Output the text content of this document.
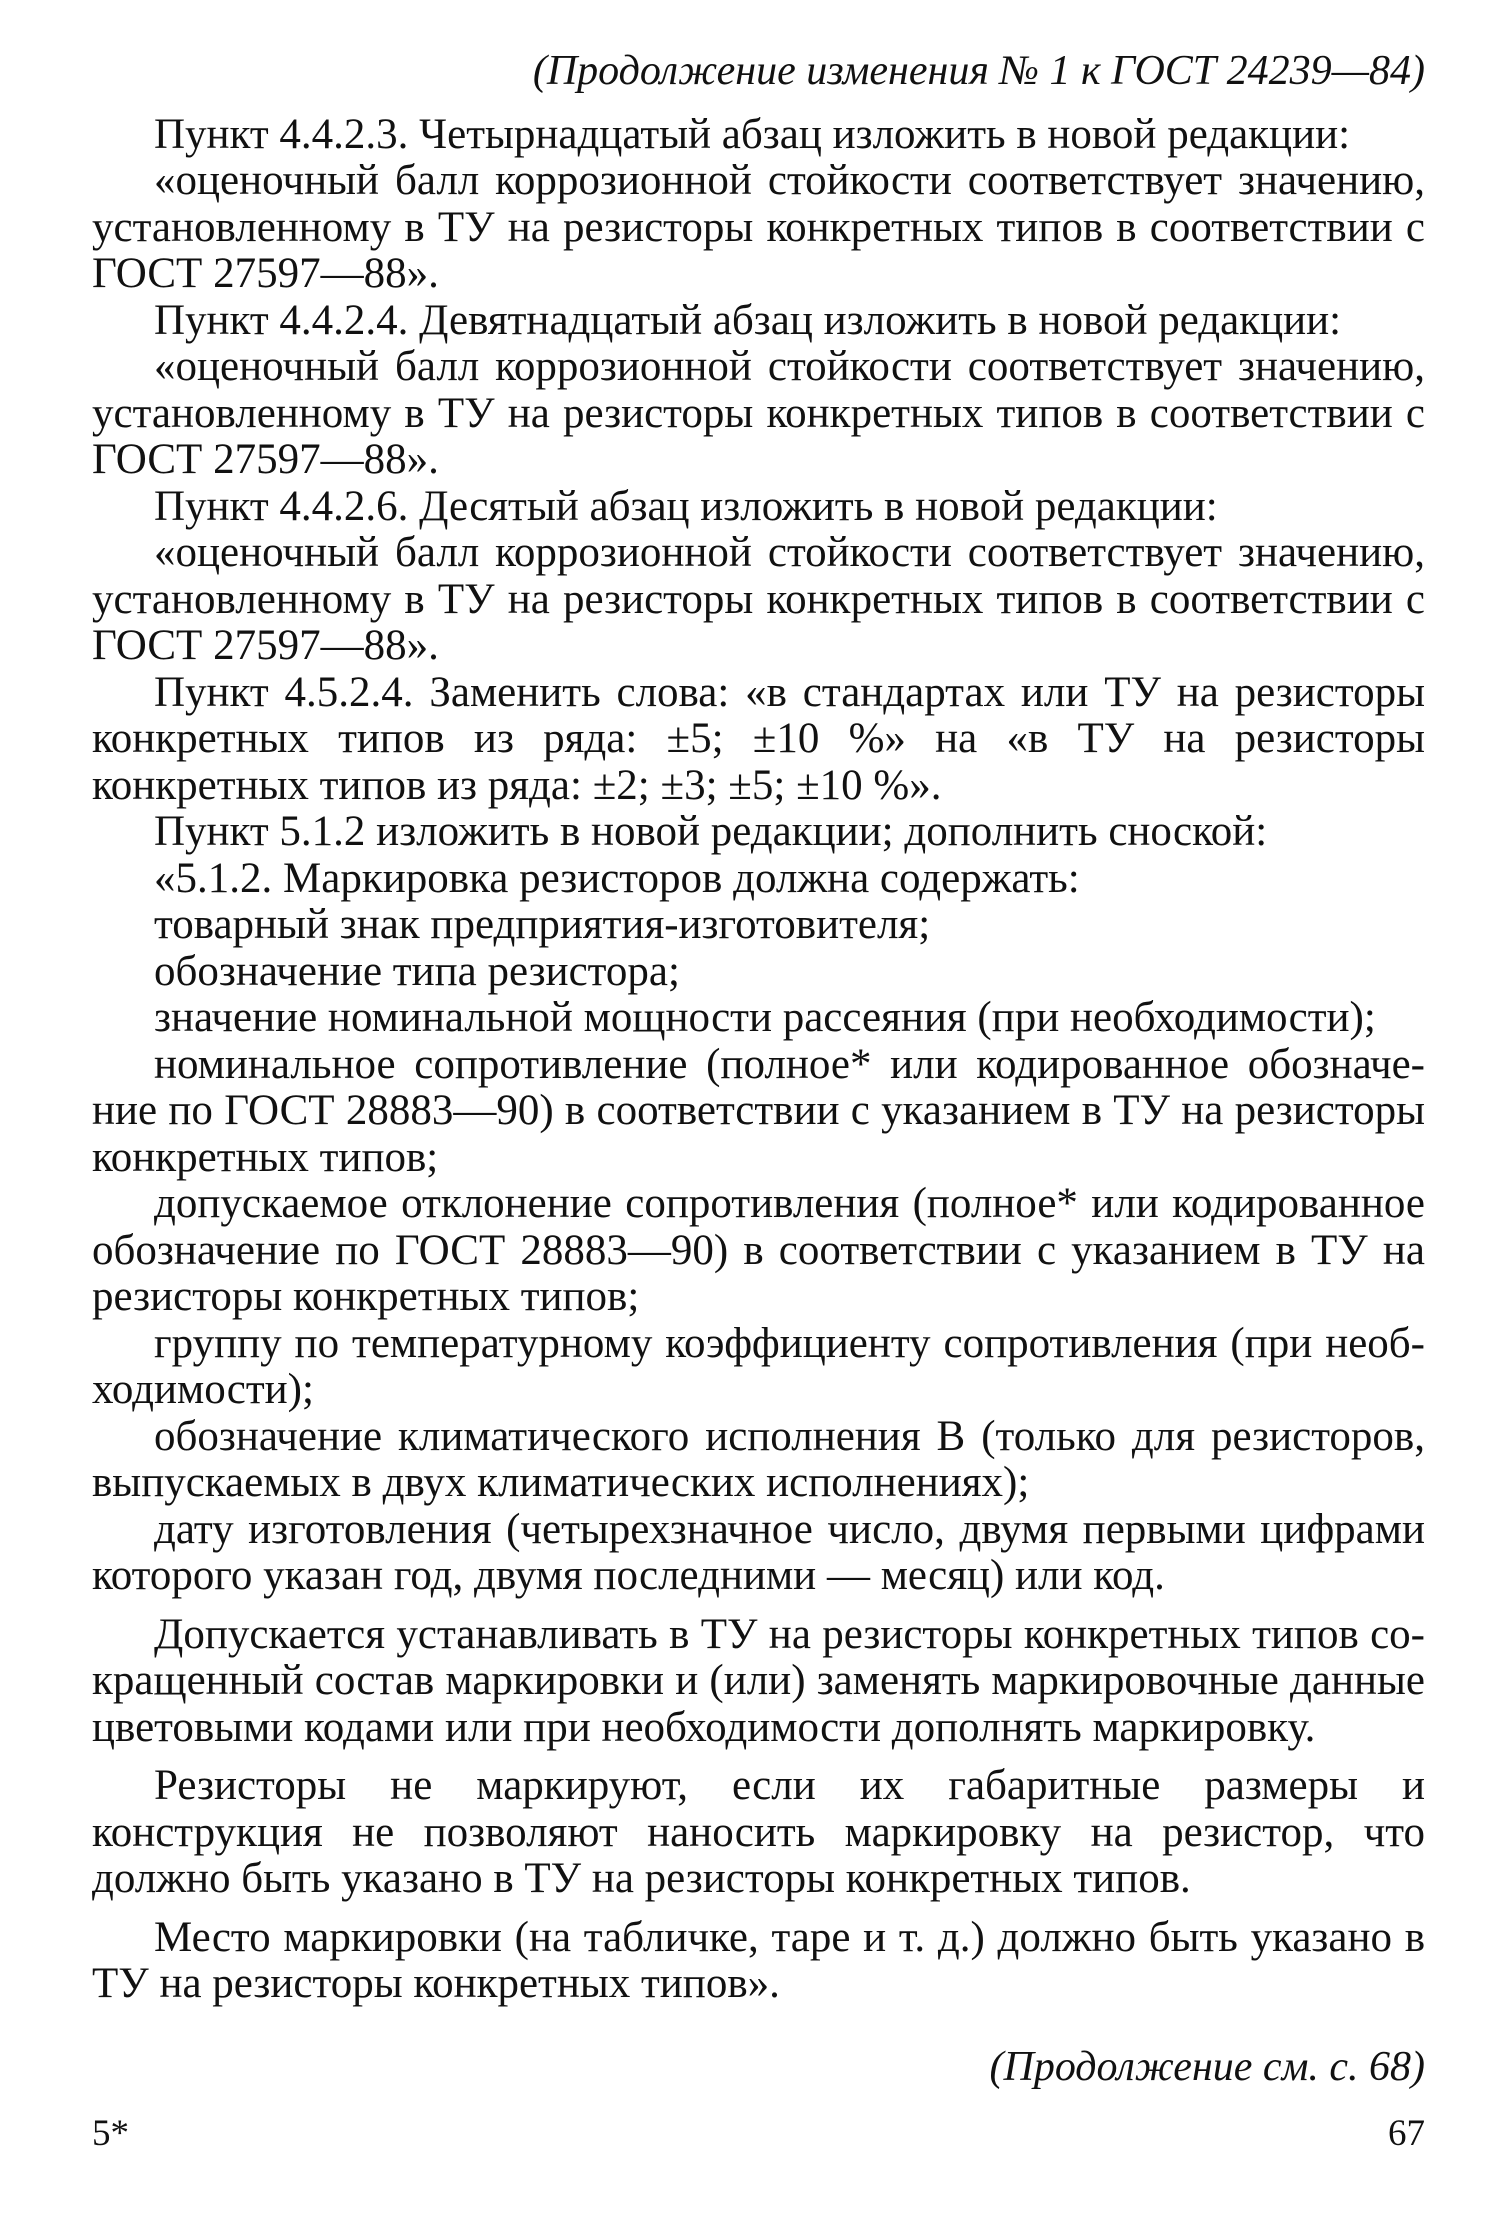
(Продолжение изменения № 1 к ГОСТ 24239—84)

Пункт 4.4.2.3. Четырнадцатый абзац изложить в новой редакции:

«оценочный балл коррозионной стойкости соответствует значению, установленному в ТУ на резисторы конкретных типов в соответствии с ГОСТ 27597—88».

Пункт 4.4.2.4. Девятнадцатый абзац изложить в новой редакции:

«оценочный балл коррозионной стойкости соответствует значению, установленному в ТУ на резисторы конкретных типов в соответствии с ГОСТ 27597—88».

Пункт 4.4.2.6. Десятый абзац изложить в новой редакции:

«оценочный балл коррозионной стойкости соответствует значению, установленному в ТУ на резисторы конкретных типов в соответствии с ГОСТ 27597—88».

Пункт 4.5.2.4. Заменить слова: «в стандартах или ТУ на резисторы конкретных типов из ряда: ±5; ±10 %» на «в ТУ на резисторы конкретных типов из ряда: ±2; ±3; ±5; ±10 %».

Пункт 5.1.2 изложить в новой редакции; дополнить сноской:

«5.1.2. Маркировка резисторов должна содержать:

товарный знак предприятия-изготовителя;

обозначение типа резистора;

значение номинальной мощности рассеяния (при необходимости);

номинальное сопротивление (полное* или кодированное обозначение по ГОСТ 28883—90) в соответствии с указанием в ТУ на резисторы конкретных типов;

допускаемое отклонение сопротивления (полное* или кодированное обозначение по ГОСТ 28883—90) в соответствии с указанием в ТУ на резисторы конкретных типов;

группу по температурному коэффициенту сопротивления (при необходимости);

обозначение климатического исполнения В (только для резисторов, выпускаемых в двух климатических исполнениях);

дату изготовления (четырехзначное число, двумя первыми цифрами которого указан год, двумя последними — месяц) или код.

Допускается устанавливать в ТУ на резисторы конкретных типов сокращенный состав маркировки и (или) заменять маркировочные данные цветовыми кодами или при необходимости дополнять маркировку.

Резисторы не маркируют, если их габаритные размеры и конструкция не позволяют наносить маркировку на резистор, что должно быть указано в ТУ на резисторы конкретных типов.

Место маркировки (на табличке, таре и т. д.) должно быть указано в ТУ на резисторы конкретных типов».

(Продолжение см. с. 68)
5*	67
